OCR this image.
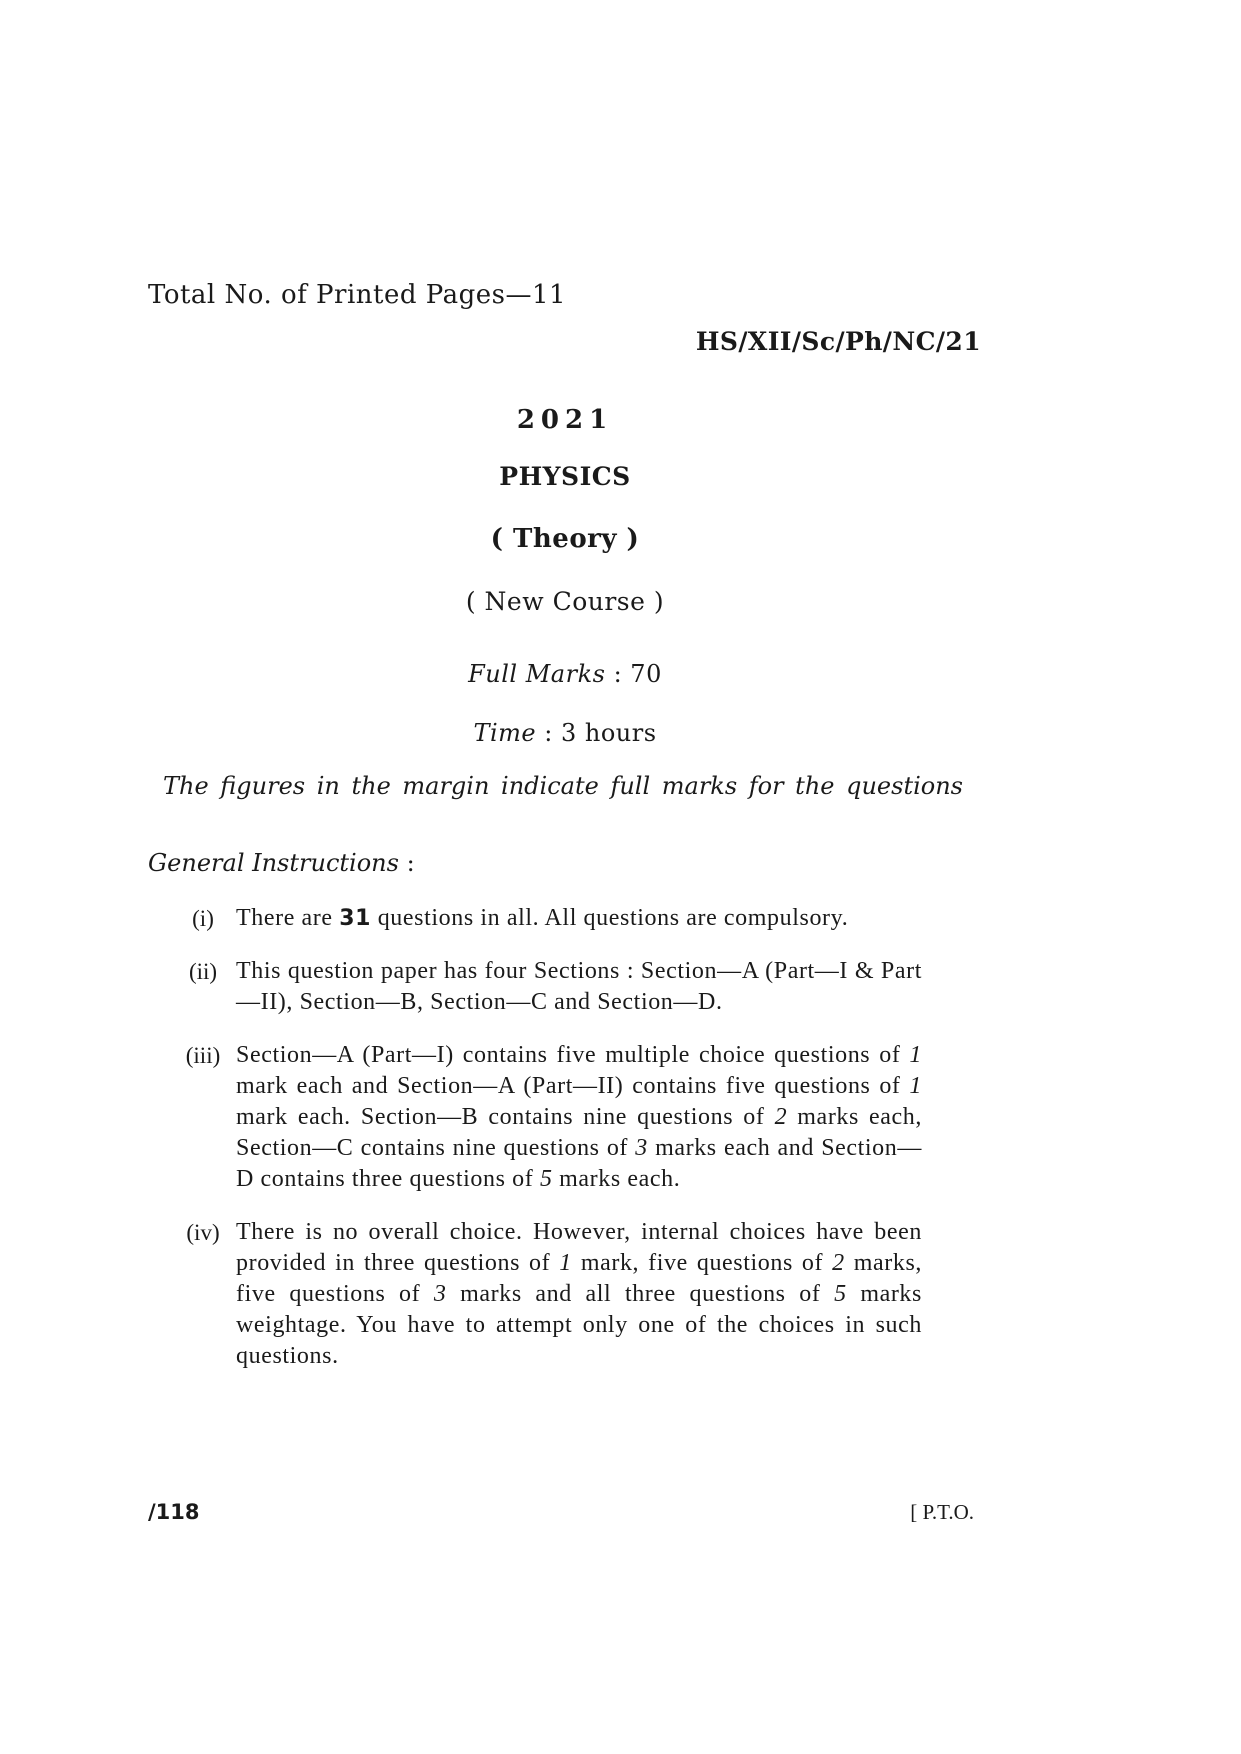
Total No. of Printed Pages—11
HS/XII/Sc/Ph/NC/21
2021
PHYSICS
( Theory )
( New Course )
Full Marks : 70
Time : 3 hours
The figures in the margin indicate full marks for the questions
General Instructions :
(i) There are 31 questions in all. All questions are compulsory.
(ii) This question paper has four Sections : Section—A (Part—I & Part—II), Section—B, Section—C and Section—D.
(iii) Section—A (Part—I) contains five multiple choice questions of 1 mark each and Section—A (Part—II) contains five questions of 1 mark each. Section—B contains nine questions of 2 marks each, Section—C contains nine questions of 3 marks each and Section—D contains three questions of 5 marks each.
(iv) There is no overall choice. However, internal choices have been provided in three questions of 1 mark, five questions of 2 marks, five questions of 3 marks and all three questions of 5 marks weightage. You have to attempt only one of the choices in such questions.
/118	[ P.T.O.
